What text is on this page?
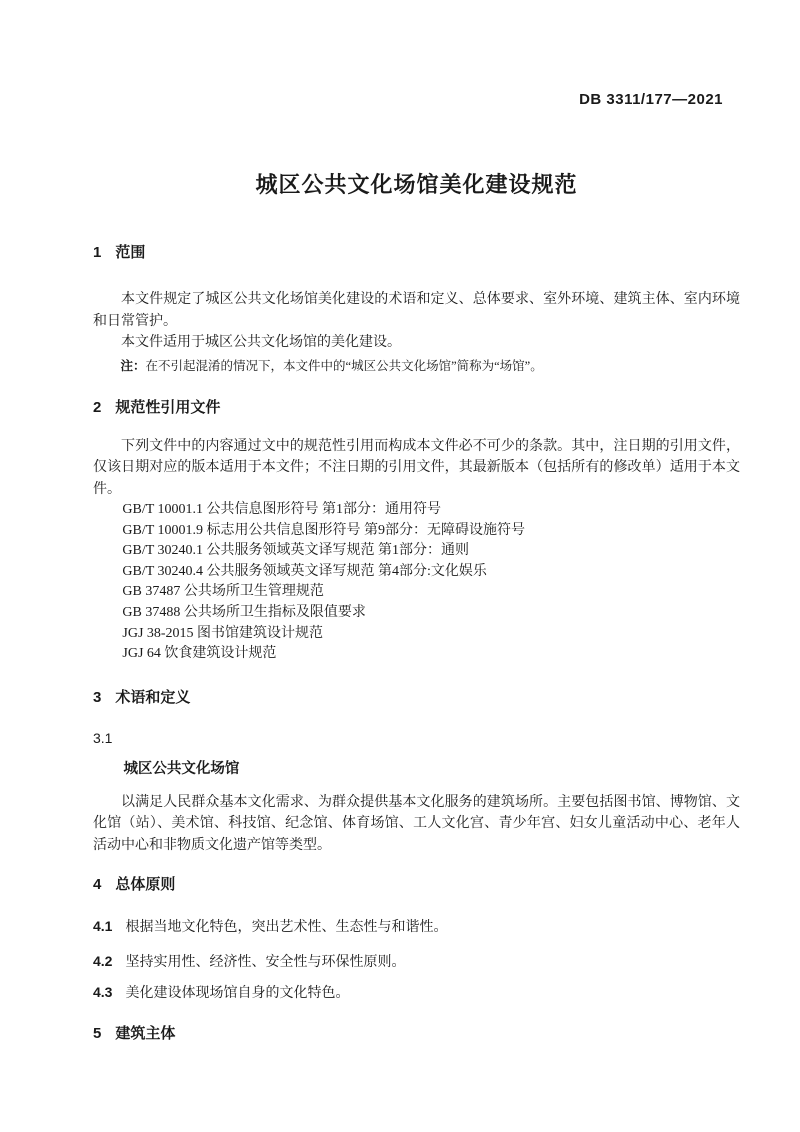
DB 3311/177—2021
城区公共文化场馆美化建设规范
1 范围

本文件规定了城区公共文化场馆美化建设的术语和定义、总体要求、室外环境、建筑主体、室内环境和日常管护。

本文件适用于城区公共文化场馆的美化建设。

注：在不引起混淆的情况下，本文件中的“城区公共文化场馆”简称为“场馆”。
2 规范性引用文件

下列文件中的内容通过文中的规范性引用而构成本文件必不可少的条款。其中，注日期的引用文件，仅该日期对应的版本适用于本文件；不注日期的引用文件，其最新版本（包括所有的修改单）适用于本文件。

GB/T 10001.1 公共信息图形符号 第1部分：通用符号
GB/T 10001.9 标志用公共信息图形符号 第9部分：无障碍设施符号
GB/T 30240.1 公共服务领域英文译写规范 第1部分：通则
GB/T 30240.4 公共服务领域英文译写规范 第4部分:文化娱乐
GB 37487 公共场所卫生管理规范
GB 37488 公共场所卫生指标及限值要求
JGJ 38-2015 图书馆建筑设计规范
JGJ 64 饮食建筑设计规范
3 术语和定义
3.1
城区公共文化场馆

以满足人民群众基本文化需求、为群众提供基本文化服务的建筑场所。主要包括图书馆、博物馆、文化馆（站）、美术馆、科技馆、纪念馆、体育场馆、工人文化宫、青少年宫、妇女儿童活动中心、老年人活动中心和非物质文化遗产馆等类型。

4 总体原则

4.1 根据当地文化特色，突出艺术性、生态性与和谐性。

4.2 坚持实用性、经济性、安全性与环保性原则。

4.3 美化建设体现场馆自身的文化特色。

5 建筑主体
